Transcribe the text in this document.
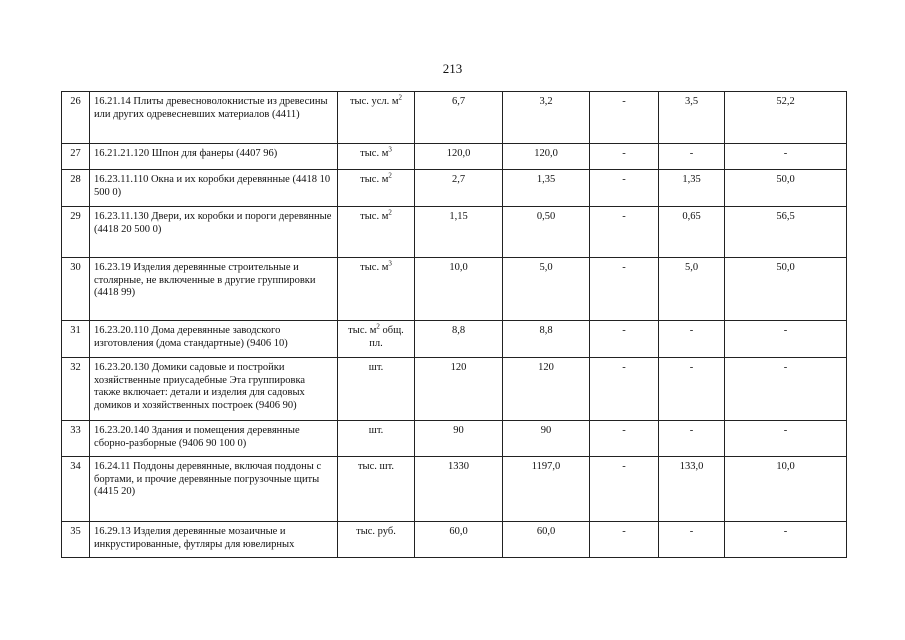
213
26	16.21.14 Плиты древесноволокнистые из древесины или других одревесневших материалов (4411)	тыс. усл. $м^2$	6,7	3,2	-	3,5	52,2
27	16.21.21.120 Шпон для фанеры (4407 96)	тыс. $м^3$	120,0	120,0	-	-	-
28	16.23.11.110 Окна и их коробки деревянные (4418 10 500 0)	тыс. $м^2$	2,7	1,35	-	1,35	50,0
29	16.23.11.130 Двери, их коробки и пороги деревянные (4418 20 500 0)	тыс. $м^2$	1,15	0,50	-	0,65	56,5
30	16.23.19 Изделия деревянные строительные и столярные, не включенные в другие группировки (4418 99)	тыс. $м^3$	10,0	5,0	-	5,0	50,0
31	16.23.20.110 Дома деревянные заводского изготовления (дома стандартные) (9406 10)	тыс. $м^2$ общ. пл.	8,8	8,8	-	-	-
32	16.23.20.130 Домики садовые и постройки хозяйственные приусадебные Эта группировка также включает: детали и изделия для садовых домиков и хозяйственных построек (9406 90)	шт.	120	120	-	-	-
33	16.23.20.140 Здания и помещения деревянные сборно-разборные (9406 90 100 0)	шт.	90	90	-	-	-
34	16.24.11 Поддоны деревянные, включая поддоны с бортами, и прочие деревянные погрузочные щиты (4415 20)	тыс. шт.	1330	1197,0	-	133,0	10,0
35	16.29.13 Изделия деревянные мозаичные и инкрустированные, футляры для ювелирных	тыс. руб.	60,0	60,0	-	-	-
